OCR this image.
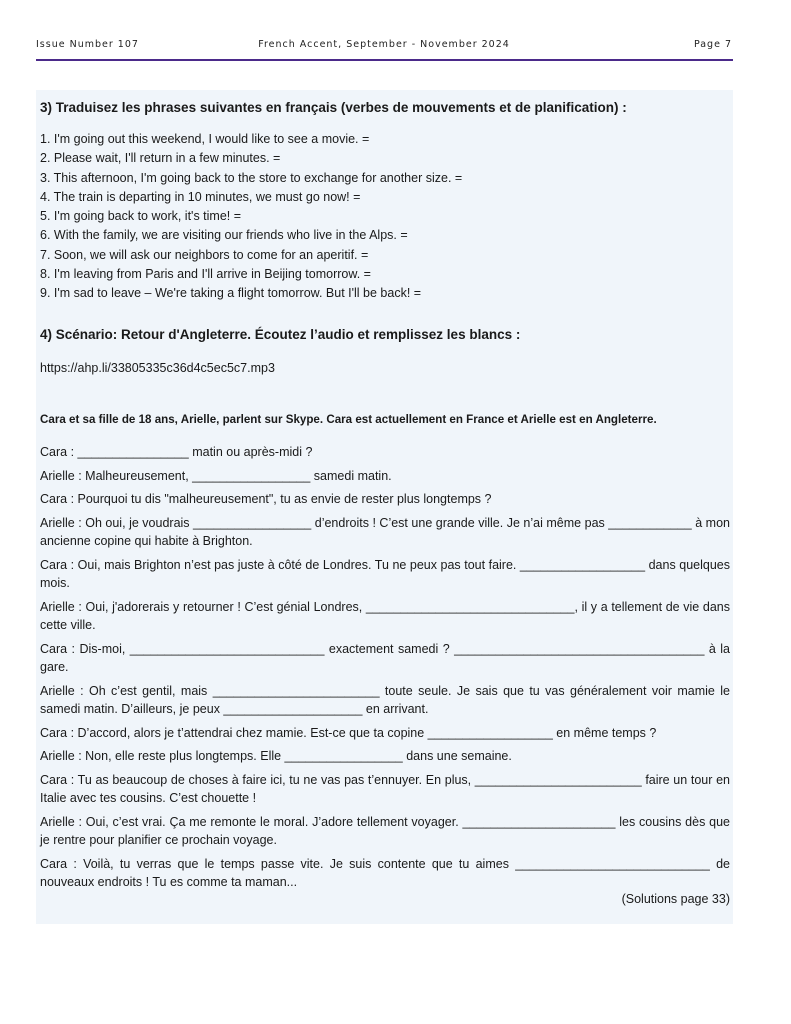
Issue Number 107	French Accent, September - November 2024	Page 7
3) Traduisez les phrases suivantes en français (verbes de mouvements et de planification) :
1. I'm going out this weekend, I would like to see a movie. =
2. Please wait, I'll return in a few minutes. =
3. This afternoon, I'm going back to the store to exchange for another size. =
4. The train is departing in 10 minutes, we must go now! =
5. I'm going back to work, it's time! =
6. With the family, we are visiting our friends who live in the Alps. =
7. Soon, we will ask our neighbors to come for an aperitif. =
8. I'm leaving from Paris and I'll arrive in Beijing tomorrow. =
9. I'm sad to leave – We're taking a flight tomorrow. But I'll be back! =
4) Scénario: Retour d'Angleterre. Écoutez l’audio et remplissez les blancs :
https://ahp.li/33805335c36d4c5ec5c7.mp3
Cara et sa fille de 18 ans, Arielle, parlent sur Skype. Cara est actuellement en France et Arielle est en Angleterre.
Cara : ________________ matin ou après-midi ?
Arielle : Malheureusement, _________________ samedi matin.
Cara : Pourquoi tu dis "malheureusement", tu as envie de rester plus longtemps ?
Arielle : Oh oui, je voudrais _________________ d’endroits ! C’est une grande ville. Je n’ai même pas ____________ à mon ancienne copine qui habite à Brighton.
Cara : Oui, mais Brighton n’est pas juste à côté de Londres. Tu ne peux pas tout faire. __________________ dans quelques mois.
Arielle : Oui, j'adorerais y retourner ! C’est génial Londres, ______________________________, il y a tellement de vie dans cette ville.
Cara : Dis-moi, ____________________________ exactement samedi ? ____________________________________ à la gare.
Arielle : Oh c’est gentil, mais ________________________ toute seule. Je sais que tu vas généralement voir mamie le samedi matin. D’ailleurs, je peux ____________________ en arrivant.
Cara : D’accord, alors je t’attendrai chez mamie. Est-ce que ta copine __________________ en même temps ?
Arielle : Non, elle reste plus longtemps. Elle _________________ dans une semaine.
Cara : Tu as beaucoup de choses à faire ici, tu ne vas pas t’ennuyer. En plus, ________________________ faire un tour en Italie avec tes cousins. C’est chouette !
Arielle : Oui, c’est vrai. Ça me remonte le moral. J’adore tellement voyager. ______________________ les cousins dès que je rentre pour planifier ce prochain voyage.
Cara : Voilà, tu verras que le temps passe vite. Je suis contente que tu aimes ____________________________ de nouveaux endroits ! Tu es comme ta maman...
(Solutions page 33)
